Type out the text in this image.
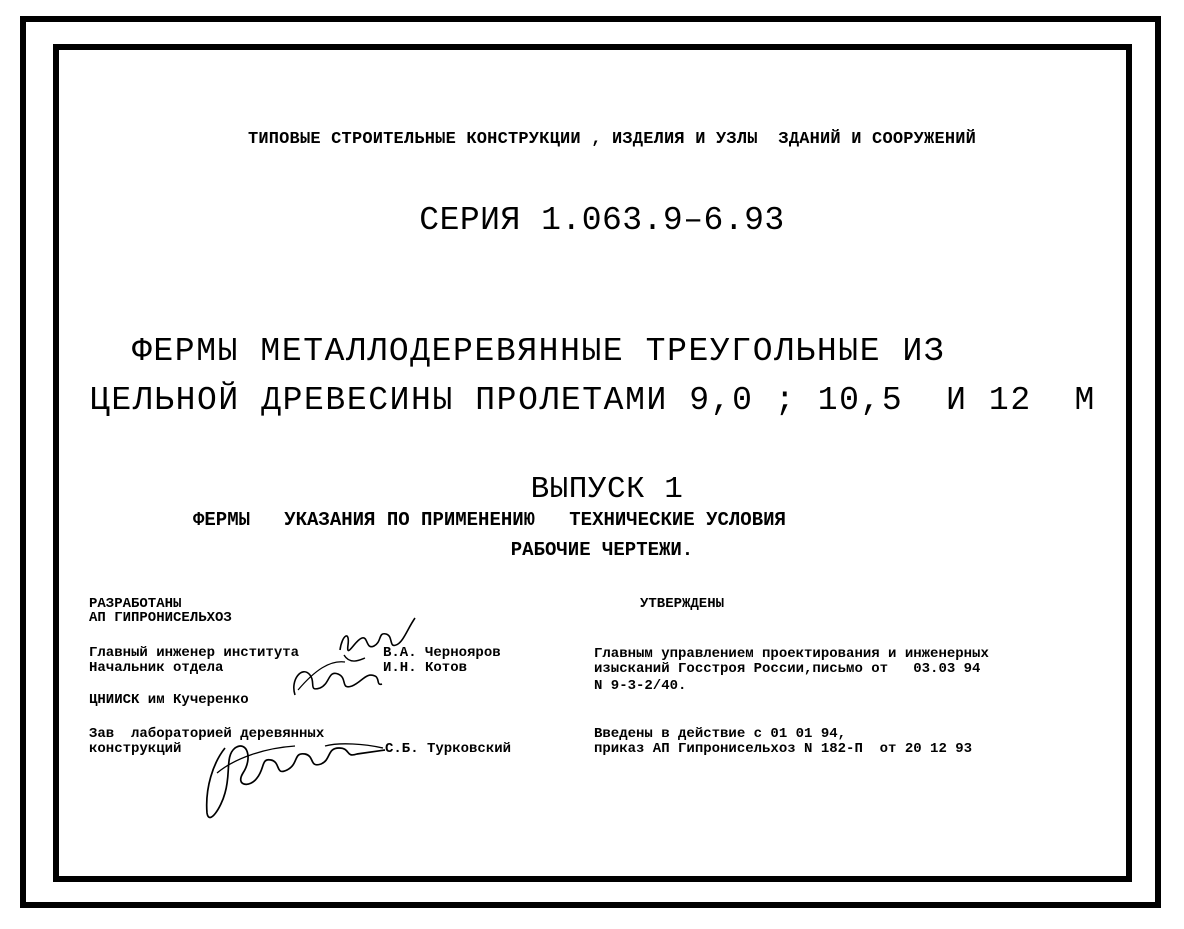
ТИПОВЫЕ СТРОИТЕЛЬНЫЕ КОНСТРУКЦИИ , ИЗДЕЛИЯ И УЗЛЫ  ЗДАНИЙ И СООРУЖЕНИЙ
СЕРИЯ 1.063.9–6.93
ФЕРМЫ МЕТАЛЛОДЕРЕВЯННЫЕ ТРЕУГОЛЬНЫЕ ИЗ
ЦЕЛЬНОЙ ДРЕВЕСИНЫ ПРОЛЕТАМИ 9,0 ; 10,5  И 12  М
ВЫПУСК 1
ФЕРМЫ   УКАЗАНИЯ ПО ПРИМЕНЕНИЮ   ТЕХНИЧЕСКИЕ УСЛОВИЯ
РАБОЧИЕ ЧЕРТЕЖИ.
РАЗРАБОТАНЫ
АП ГИПРОНИСЕЛЬХОЗ
Главный инженер института	В.А. Черноярoв
Начальник отдела	И.Н. Котов
ЦНИИСК им Кучеренко
Зав  лабораторией деревянных
конструкций	С.Б. Турковский
УТВЕРЖДЕНЫ
Главным управлением проектирования и инженерных
изысканий Госстроя России,письмо от   03.03 94
N 9-3-2/40.
Введены в действие с 01 01 94,
приказ АП Гипронисельхоз N 182-П  от 20 12 93
